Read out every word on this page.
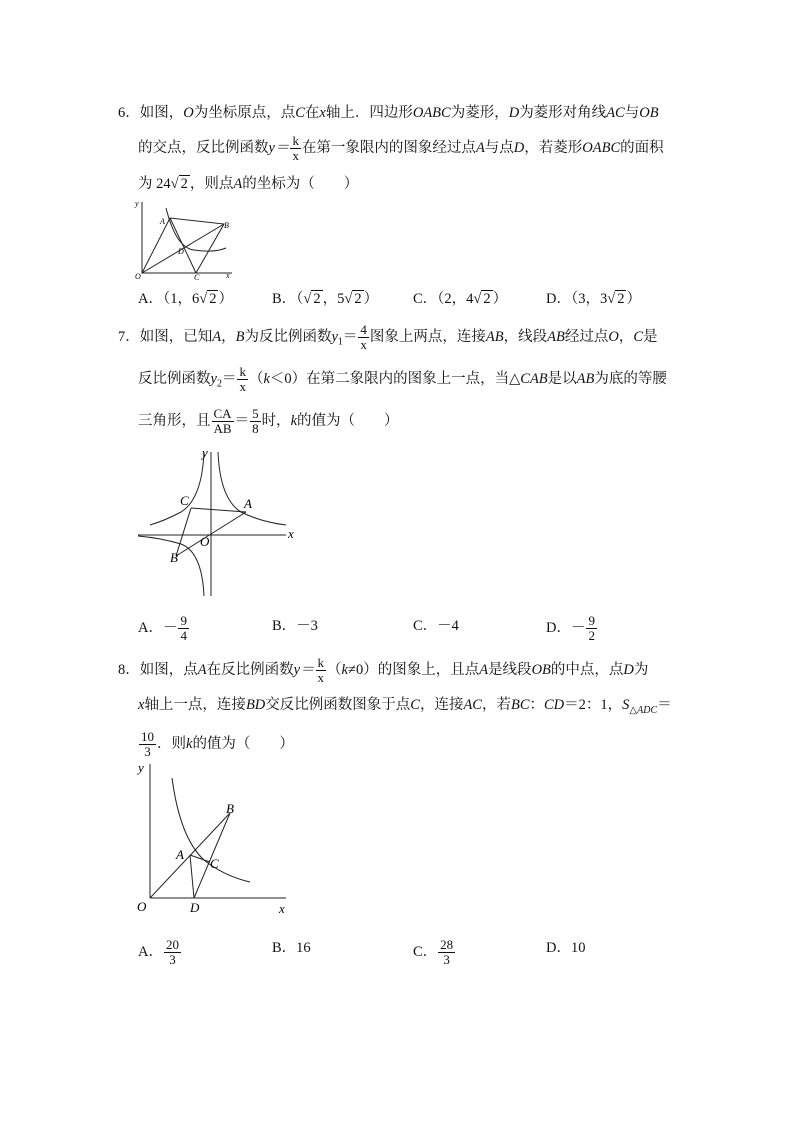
6．如图，O为坐标原点，点C在x轴上．四边形OABC为菱形，D为菱形对角线AC与OB
的交点，反比例函数$y= \frac{k}{x}$ 在第一象限内的图象经过点A与点D，若菱形OABC的面积
为 24√ 2 ，则点A的坐标为（　　）
y
A	B
D
O	C	x
A．（1，6√ 2 ）	B．（√ 2 ，5√ 2 ） C．（2，4√ 2 ）	D．（3，3√ 2 ）
7．如图，已知A，B为反比例函数$y_1= \frac{4}{x}$ 图象上两点，连接AB，线段AB经过点O，C是
反比例函数$y_2= \frac{k}{x} (k<0)$在第二象限内的图象上一点，当△CAB是以AB为底的等腰
三角形，且 $\frac{CA}{AB} = \frac{5}{8}$ 时，k的值为（　　）
y
C	A
O
B
x
A．－ $\frac{9}{4}$	B．－3	C．－4	D．－ $\frac{9}{2}$
8．如图，点A在反比例函数$y= \frac{k}{x} (k\ne 0)$的图象上，且点A是线段OB的中点，点D为
x轴上一点，连接BD交反比例函数图象于点C，连接AC，若BC：CD＝2：1，$S_{\triangle ADC}=$
$\frac{10}{3}$ ．则k的值为（　　）
y
B
A
C
O	D	x
A． $\frac{20}{3}$	B．16	C． $\frac{28}{3}$	D．10
